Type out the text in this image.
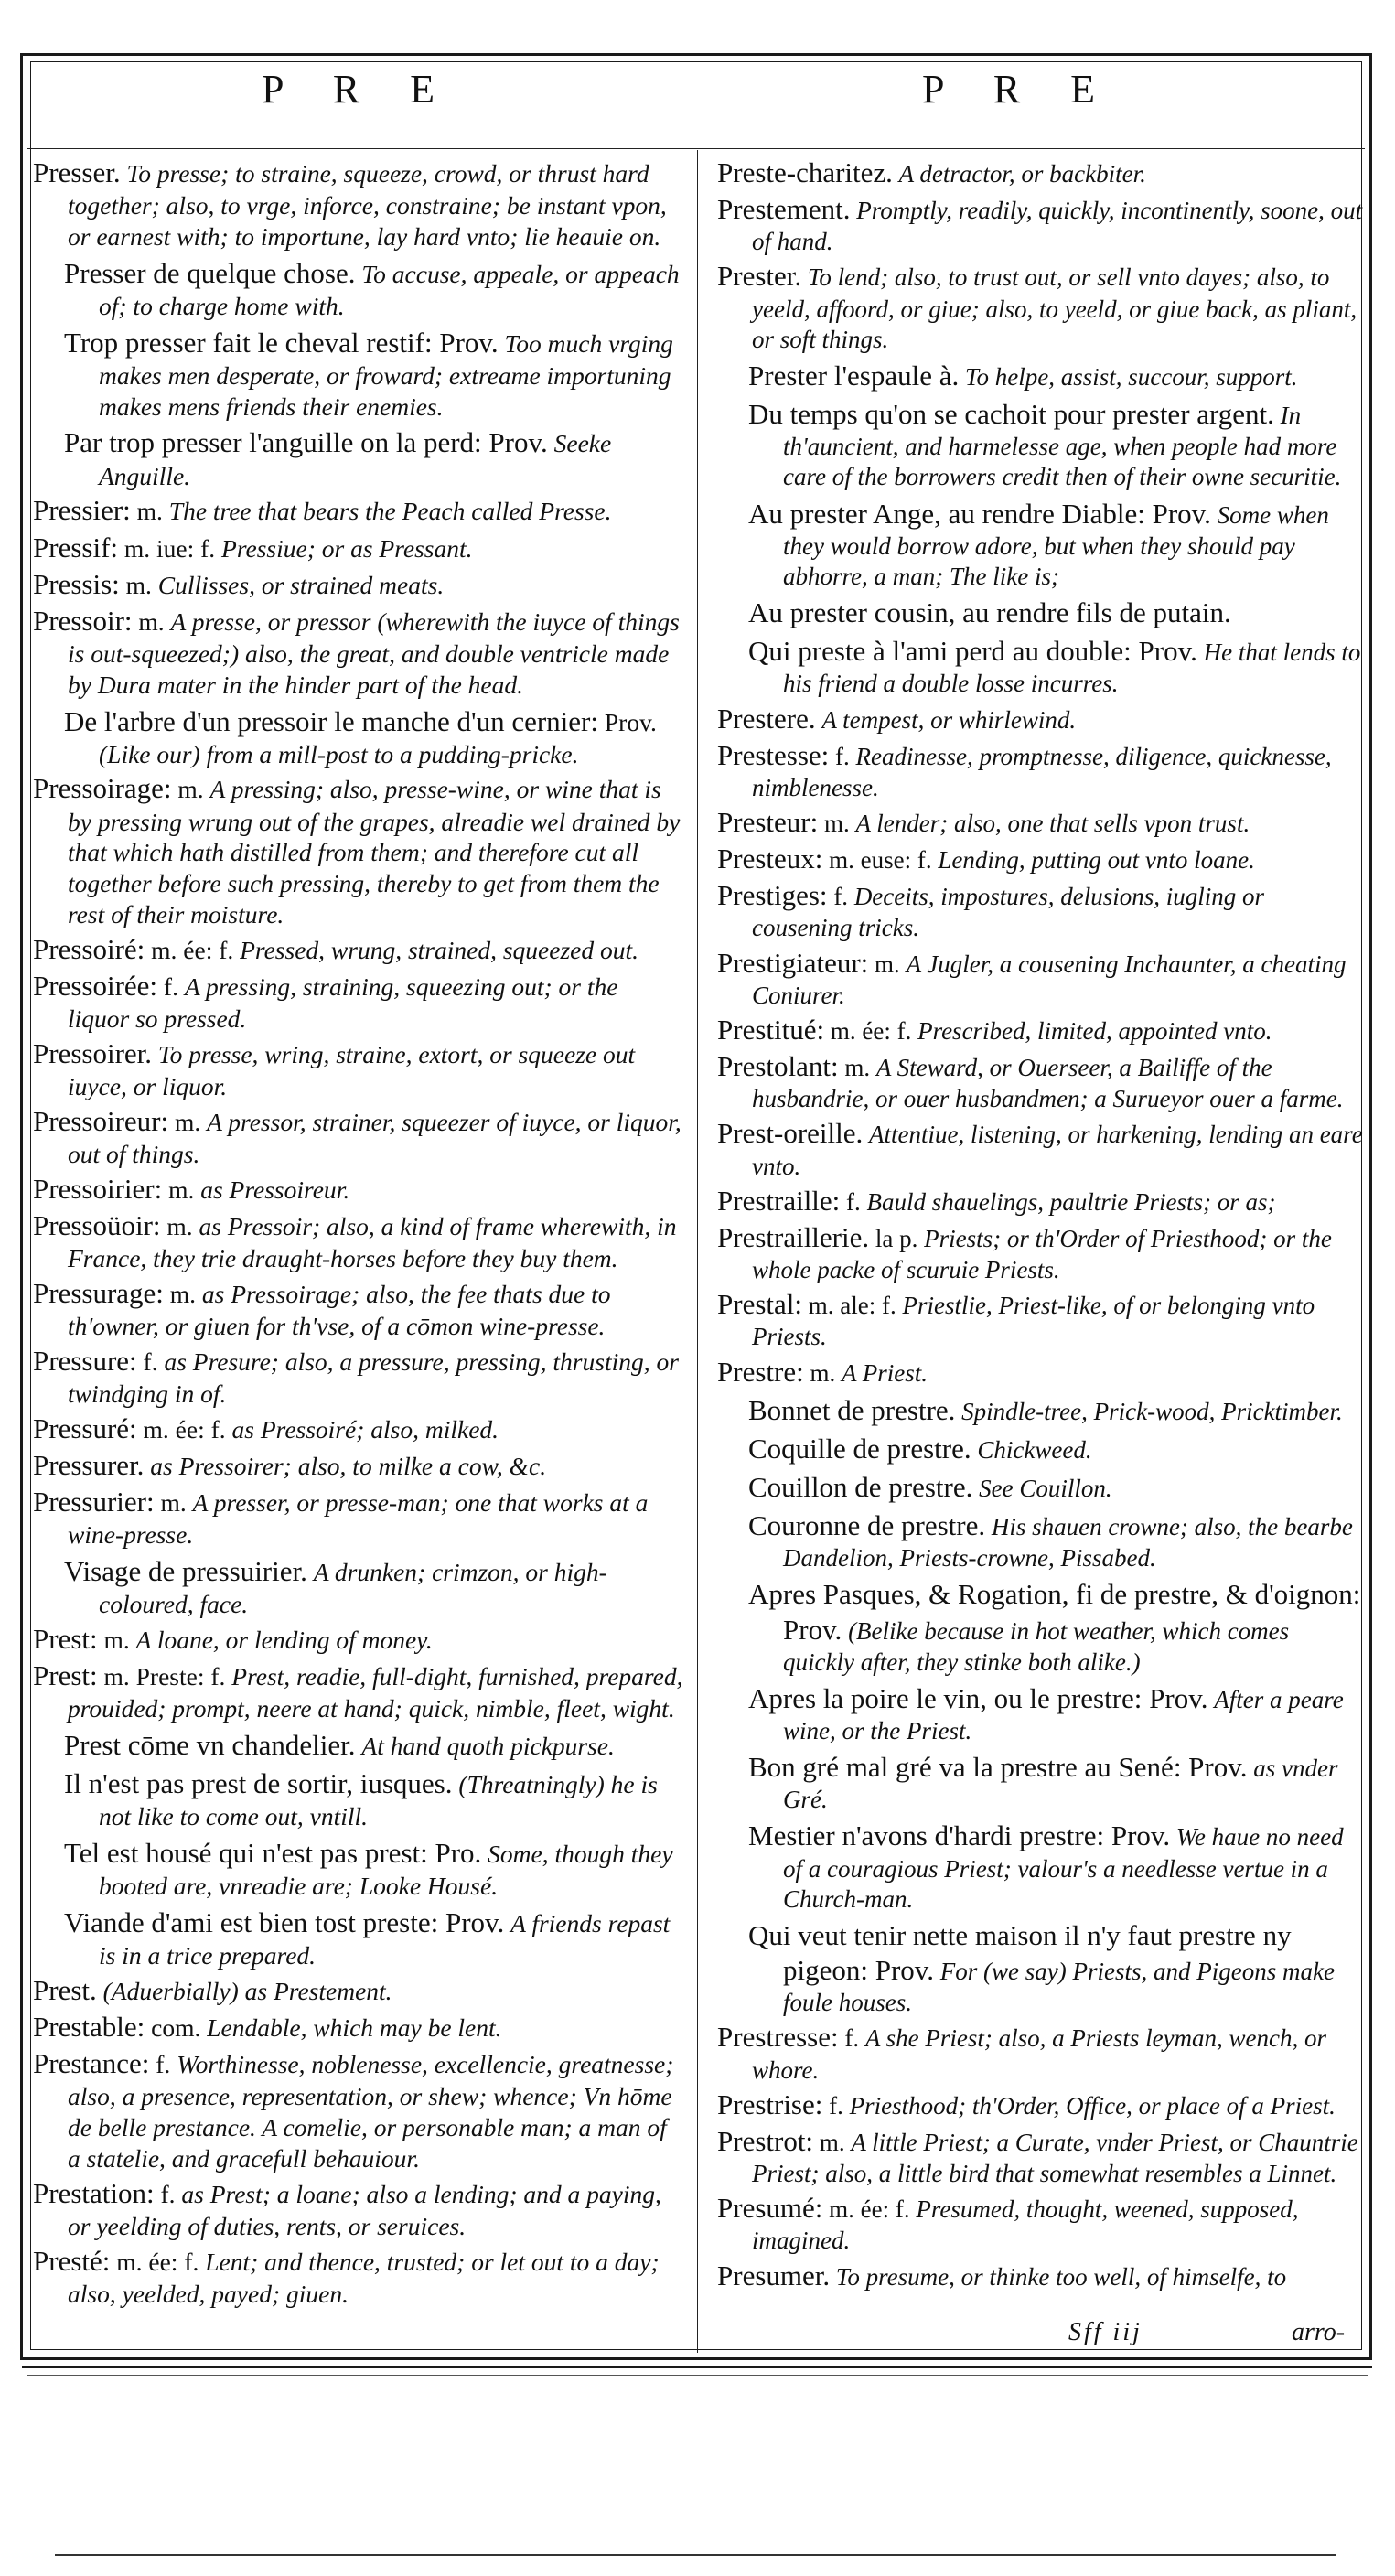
P R E	P R E
Presser. To presse; to straine, squeeze, crowd, or thrust hard together; also, to vrge, inforce, constraine; be instant vpon, or earnest with; to importune, lay hard vnto; lie heauie on.
Presser de quelque chose. To accuse, appeale, or appeach of; to charge home with.
Trop presser fait le cheval restif: Prov. Too much vrging makes men desperate, or froward; extreame importuning makes mens friends their enemies.
Par trop presser l'anguille on la perd: Prov. Seeke Anguille.
Pressier: m. The tree that bears the Peach called Presse.
Pressif: m. iue: f. Pressiue; or as Pressant.
Pressis: m. Cullisses, or strained meats.
Pressoir: m. A presse, or pressor (wherewith the iuyce of things is out-squeezed;) also, the great, and double ventricle made by Dura mater in the hinder part of the head.
De l'arbre d'un pressoir le manche d'un cernier: Prov. (Like our) from a mill-post to a pudding-pricke.
Pressoirage: m. A pressing; also, presse-wine, or wine that is by pressing wrung out of the grapes, alreadie wel drained by that which hath distilled from them; and therefore cut all together before such pressing, thereby to get from them the rest of their moisture.
Pressoiré: m. ée: f. Pressed, wrung, strained, squeezed out.
Pressoirée: f. A pressing, straining, squeezing out; or the liquor so pressed.
Pressoirer. To presse, wring, straine, extort, or squeeze out iuyce, or liquor.
Pressoireur: m. A pressor, strainer, squeezer of iuyce, or liquor, out of things.
Pressoirier: m. as Pressoireur.
Pressoüoir: m. as Pressoir; also, a kind of frame wherewith, in France, they trie draught-horses before they buy them.
Pressurage: m. as Pressoirage; also, the fee thats due to th'owner, or giuen for th'vse, of a cōmon wine-presse.
Pressure: f. as Presure; also, a pressure, pressing, thrusting, or twindging in of.
Pressuré: m. ée: f. as Pressoiré; also, milked.
Pressurer. as Pressoirer; also, to milke a cow, &c.
Pressurier: m. A presser, or presse-man; one that works at a wine-presse.
Visage de pressuirier. A drunken; crimzon, or high-coloured, face.
Prest: m. A loane, or lending of money.
Prest: m. Preste: f. Prest, readie, full-dight, furnished, prepared, prouided; prompt, neere at hand; quick, nimble, fleet, wight.
Prest cōme vn chandelier. At hand quoth pickpurse.
Il n'est pas prest de sortir, iusques. (Threatningly) he is not like to come out, vntill.
Tel est housé qui n'est pas prest: Pro. Some, though they booted are, vnreadie are; Looke Housé.
Viande d'ami est bien tost preste: Prov. A friends repast is in a trice prepared.
Prest. (Aduerbially) as Prestement.
Prestable: com. Lendable, which may be lent.
Prestance: f. Worthinesse, noblenesse, excellencie, greatnesse; also, a presence, representation, or shew; whence; Vn hōme de belle prestance. A comelie, or personable man; a man of a statelie, and gracefull behauiour.
Prestation: f. as Prest; a loane; also a lending; and a paying, or yeelding of duties, rents, or seruices.
Presté: m. ée: f. Lent; and thence, trusted; or let out to a day; also, yeelded, payed; giuen.
Preste-charitez. A detractor, or backbiter.
Prestement. Promptly, readily, quickly, incontinently, soone, out of hand.
Prester. To lend; also, to trust out, or sell vnto dayes; also, to yeeld, affoord, or giue; also, to yeeld, or giue back, as pliant, or soft things.
Prester l'espaule à. To helpe, assist, succour, support.
Du temps qu'on se cachoit pour prester argent. In th'auncient, and harmelesse age, when people had more care of the borrowers credit then of their owne securitie.
Au prester Ange, au rendre Diable: Prov. Some when they would borrow adore, but when they should pay abhorre, a man; The like is;
Au prester cousin, au rendre fils de putain.
Qui preste à l'ami perd au double: Prov. He that lends to his friend a double losse incurres.
Prestere. A tempest, or whirlewind.
Prestesse: f. Readinesse, promptnesse, diligence, quicknesse, nimblenesse.
Presteur: m. A lender; also, one that sells vpon trust.
Presteux: m. euse: f. Lending, putting out vnto loane.
Prestiges: f. Deceits, impostures, delusions, iugling or cousening tricks.
Prestigiateur: m. A Jugler, a cousening Inchaunter, a cheating Coniurer.
Prestitué: m. ée: f. Prescribed, limited, appointed vnto.
Prestolant: m. A Steward, or Ouerseer, a Bailiffe of the husbandrie, or ouer husbandmen; a Surueyor ouer a farme.
Prest-oreille. Attentiue, listening, or harkening, lending an eare vnto.
Prestraille: f. Bauld shauelings, paultrie Priests; or as;
Prestraillerie. la p. Priests; or th'Order of Priesthood; or the whole packe of scuruie Priests.
Prestal: m. ale: f. Priestlie, Priest-like, of or belonging vnto Priests.
Prestre: m. A Priest.
Bonnet de prestre. Spindle-tree, Prick-wood, Pricktimber.
Coquille de prestre. Chickweed.
Couillon de prestre. See Couillon.
Couronne de prestre. His shauen crowne; also, the bearbe Dandelion, Priests-crowne, Pissabed.
Apres Pasques, & Rogation, fi de prestre, & d'oignon: Prov. (Belike because in hot weather, which comes quickly after, they stinke both alike.)
Apres la poire le vin, ou le prestre: Prov. After a peare wine, or the Priest.
Bon gré mal gré va la prestre au Sené: Prov. as vnder Gré.
Mestier n'avons d'hardi prestre: Prov. We haue no need of a couragious Priest; valour's a needlesse vertue in a Church-man.
Qui veut tenir nette maison il n'y faut prestre ny pigeon: Prov. For (we say) Priests, and Pigeons make foule houses.
Prestresse: f. A she Priest; also, a Priests leyman, wench, or whore.
Prestrise: f. Priesthood; th'Order, Office, or place of a Priest.
Prestrot: m. A little Priest; a Curate, vnder Priest, or Chauntrie Priest; also, a little bird that somewhat resembles a Linnet.
Presumé: m. ée: f. Presumed, thought, weened, supposed, imagined.
Presumer. To presume, or thinke too well, of himselfe, to
Sff iij	arro-
